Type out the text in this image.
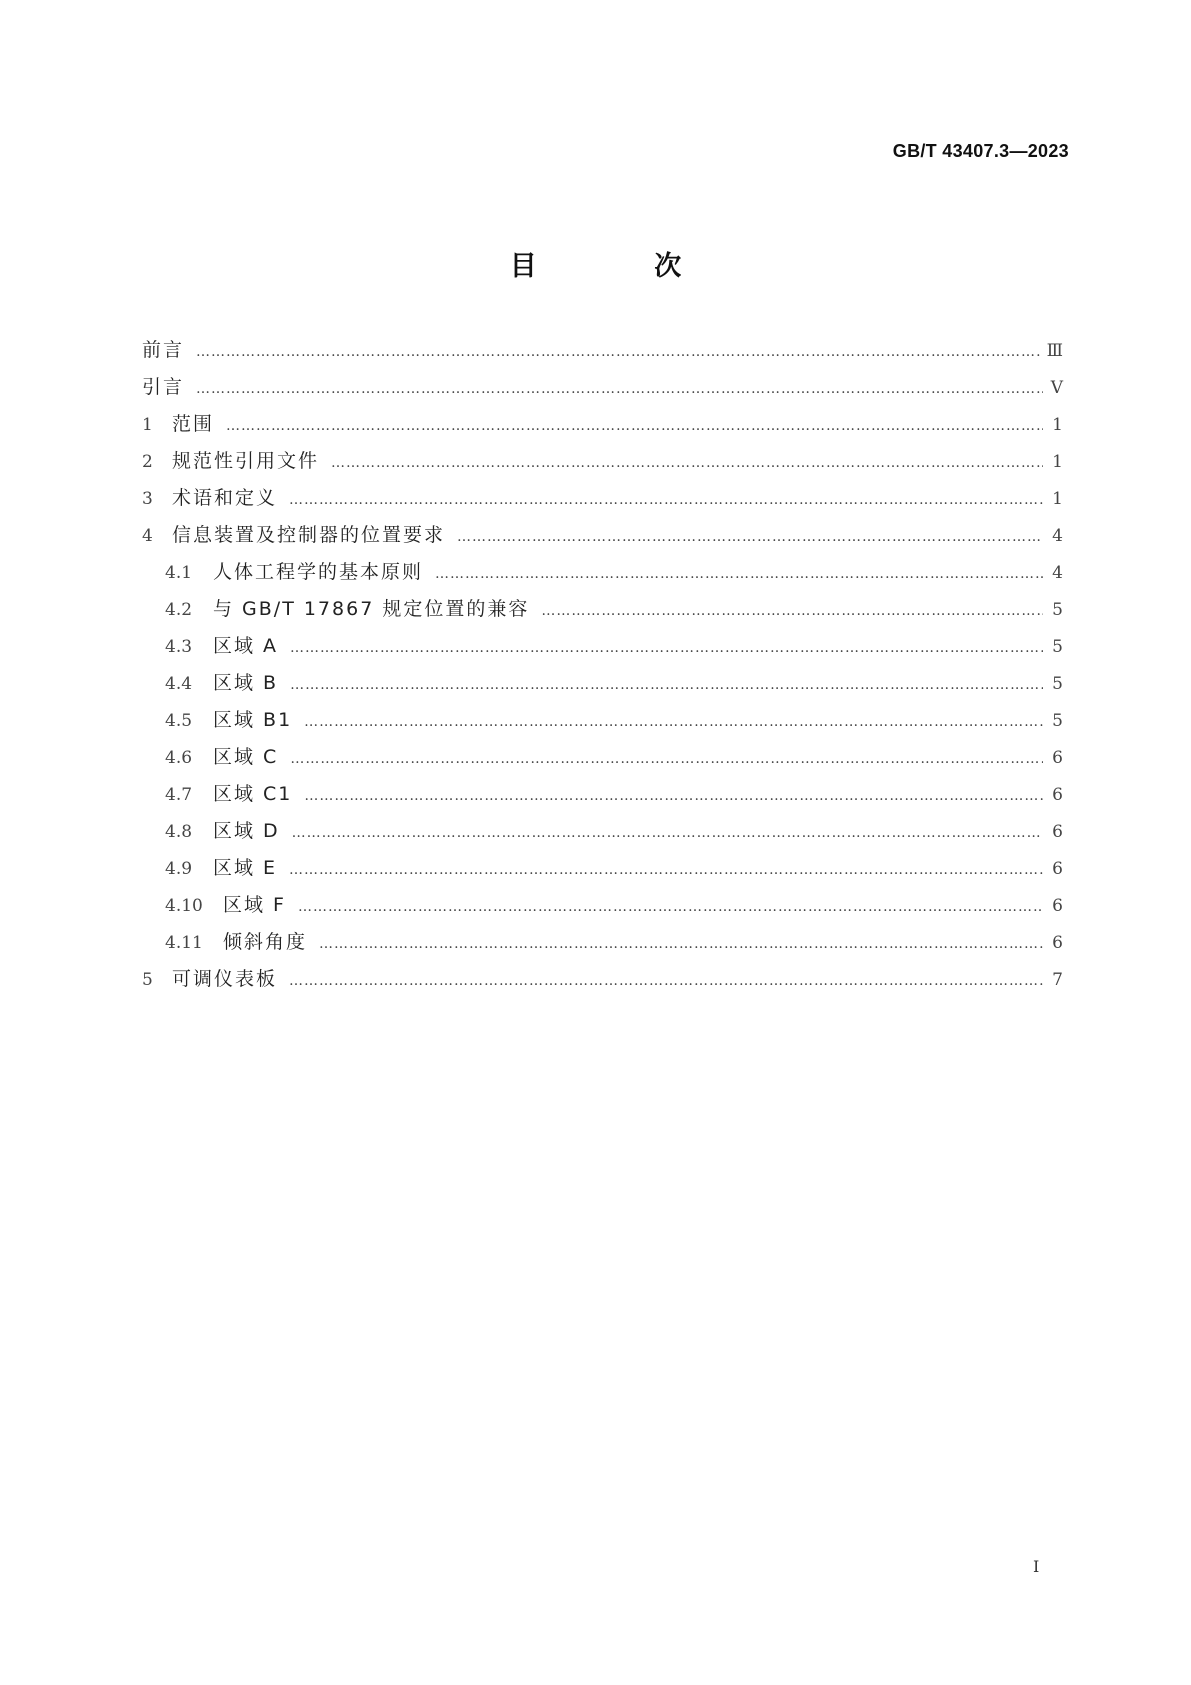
GB/T 43407.3—2023
目 次
前言 ………………………………………………………………………………………………………………………………………………………………………………………………………………………………………………………………………	Ⅲ
引言 ………………………………………………………………………………………………………………………………………………………………………………………………………………………………………………………………………	Ⅴ
1	范围 ………………………………………………………………………………………………………………………………………………………………………………………………………………………………………………………………………	1
2	规范性引用文件 ………………………………………………………………………………………………………………………………………………………………………………………………………………………………………………………………………	1
3	术语和定义 ………………………………………………………………………………………………………………………………………………………………………………………………………………………………………………………………………	1
4	信息装置及控制器的位置要求 ………………………………………………………………………………………………………………………………………………………………………………………………………………………………………………………………………	4
4.1	人体工程学的基本原则 ………………………………………………………………………………………………………………………………………………………………………………………………………………………………………………………………………	4
4.2	与 GB/T 17867 规定位置的兼容 ………………………………………………………………………………………………………………………………………………………………………………………………………………………………………………………………………	5
4.3	区域 A ………………………………………………………………………………………………………………………………………………………………………………………………………………………………………………………………………	5
4.4	区域 B ………………………………………………………………………………………………………………………………………………………………………………………………………………………………………………………………………	5
4.5	区域 B1 ………………………………………………………………………………………………………………………………………………………………………………………………………………………………………………………………………	5
4.6	区域 C ………………………………………………………………………………………………………………………………………………………………………………………………………………………………………………………………………	6
4.7	区域 C1 ………………………………………………………………………………………………………………………………………………………………………………………………………………………………………………………………………	6
4.8	区域 D ………………………………………………………………………………………………………………………………………………………………………………………………………………………………………………………………………	6
4.9	区域 E ………………………………………………………………………………………………………………………………………………………………………………………………………………………………………………………………………	6
4.10	区域 F ………………………………………………………………………………………………………………………………………………………………………………………………………………………………………………………………………	6
4.11	倾斜角度 ………………………………………………………………………………………………………………………………………………………………………………………………………………………………………………………………………	6
5	可调仪表板 ………………………………………………………………………………………………………………………………………………………………………………………………………………………………………………………………………	7
Ⅰ
